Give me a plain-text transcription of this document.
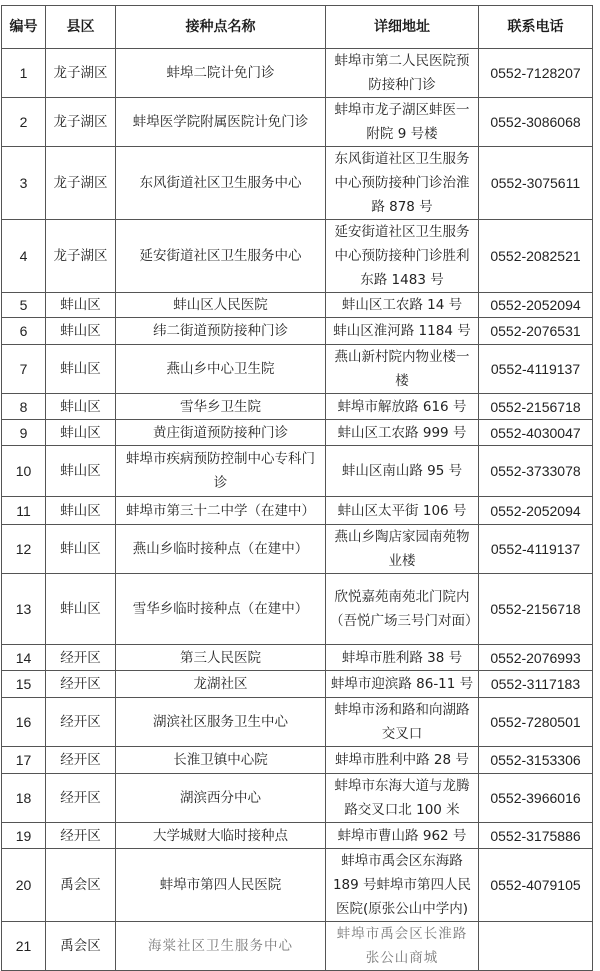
编号	县区	接种点名称	详细地址	联系电话
1	龙子湖区	蚌埠二院计免门诊	蚌埠市第二人民医院预防接种门诊	0552-7128207
2	龙子湖区	蚌埠医学院附属医院计免门诊	蚌埠市龙子湖区蚌医一附院 9 号楼	0552-3086068
3	龙子湖区	东风街道社区卫生服务中心	东风街道社区卫生服务中心预防接种门诊治淮路 878 号	0552-3075611
4	龙子湖区	延安街道社区卫生服务中心	延安街道社区卫生服务中心预防接种门诊胜利东路 1483 号	0552-2082521
5	蚌山区	蚌山区人民医院	蚌山区工农路 14 号	0552-2052094
6	蚌山区	纬二街道预防接种门诊	蚌山区淮河路 1184 号	0552-2076531
7	蚌山区	燕山乡中心卫生院	燕山新村院内物业楼一楼	0552-4119137
8	蚌山区	雪华乡卫生院	蚌埠市解放路 616 号	0552-2156718
9	蚌山区	黄庄街道预防接种门诊	蚌山区工农路 999 号	0552-4030047
10	蚌山区	蚌埠市疾病预防控制中心专科门诊	蚌山区南山路 95 号	0552-3733078
11	蚌山区	蚌埠市第三十二中学（在建中）	蚌山区太平街 106 号	0552-2052094
12	蚌山区	燕山乡临时接种点（在建中）	燕山乡陶店家园南苑物业楼	0552-4119137
13	蚌山区	雪华乡临时接种点（在建中）	欣悦嘉苑南苑北门院内（吾悦广场三号门对面）	0552-2156718
14	经开区	第三人民医院	蚌埠市胜利路 38 号	0552-2076993
15	经开区	龙湖社区	蚌埠市迎滨路 86-11 号	0552-3117183
16	经开区	湖滨社区服务卫生中心	蚌埠市汤和路和向湖路交叉口	0552-7280501
17	经开区	长淮卫镇中心院	蚌埠市胜利中路 28 号	0552-3153306
18	经开区	湖滨西分中心	蚌埠市东海大道与龙腾路交叉口北 100 米	0552-3966016
19	经开区	大学城财大临时接种点	蚌埠市曹山路 962 号	0552-3175886
20	禹会区	蚌埠市第四人民医院	蚌埠市禹会区东海路 189 号蚌埠市第四人民医院(原张公山中学内)	0552-4079105
21	禹会区	海棠社区卫生服务中心	蚌埠市禹会区长淮路张公山商城	
